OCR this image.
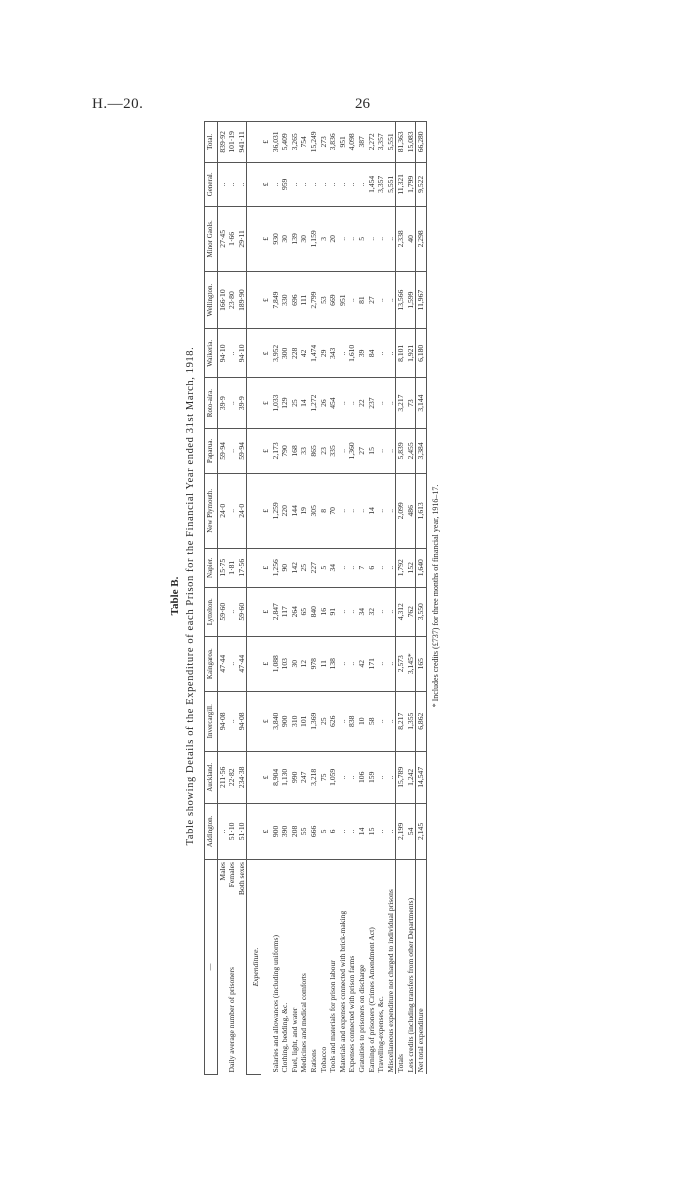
H.—20.	26
Table B. Table showing Details of the Expenditure of each Prison for the Financial Year ended 31st March, 1918.
—	Addington.	Auckland.	Invercargill.	Kaingaroa.	Lyttelton.	Napier.	New Plymouth.	Paparua.	Roto-aira.	Waikeria.	Wellington.	Minor Gaols.	General.	Total.

Males	..	211·56	94·08	47·44	59·60	15·75	24·0	59·94	39·9	94·10	166·10	27·45	..	839·92

Daily average number of prisoners
Females	51·10	22·82	..	..	..	1·81	..	..	..	..	23·80	1·66	..	101·19

Both sexes	51·10	234·38	94·08	47·44	59·60	17·56	24·0	59·94	39·9	94·10	189·90	29·11	..	941·11
Expenditure.														
	£	£	£	£	£	£	£	£	£	£	£	£	£	£
Salaries and allowances (including uniforms)	900	8,904	3,840	1,088	2,847	1,256	1,259	2,173	1,033	3,952	7,849	930	..	36,031
Clothing, bedding, &c.	390	1,130	900	103	117	90	220	790	129	300	330	30	959	5,409
Fuel, light, and water	208	990	310	30	264	142	144	168	25	228	696	139	..	3,265
Medicines and medical comforts	55	247	101	12	65	25	19	33	14	42	111	30	..	754
Rations	666	3,218	1,369	978	840	227	305	865	1,272	1,474	2,799	1,159	..	15,249
Tobacco	5	75	25	11	16	5	8	23	26	29	53	3	..	273
Tools and materials for prison labour	6	1,059	626	138	91	34	70	335	454	343	669	20	..	3,836
Materials and expenses connected with brick-making	..	..	..	..	..	..	..	..	..	..	951	..	..	951
Expenses connected with prison farms	..	..	838	..	..	..	..	1,360	..	1,610	..	..	..	4,098
Gratuities to prisoners on discharge	14	106	10	42	34	7	..	27	22	39	81	5	..	387
Earnings of prisoners (Crimes Amendment Act)	15	159	58	171	32	6	14	15	237	84	27	..	1,454	2,272
Travelling-expenses, &c.	..	..	..	..	..	..	..	..	..	..	..	..	3,357	3,357
Miscellaneous expenditure not charged to individual prisons	..	..	..	..	..	..	..	..	..	..	..	..	5,551	5,551
Totals	2,199	15,789	8,217	2,573	4,312	1,792	2,099	5,839	3,217	8,101	13,566	2,338	11,321	81,363
Less credits (including transfers from other Departments)	54	1,242	1,355	3,145*	762	152	486	2,455	73	1,921	1,599	40	1,799	15,083
Net total expenditure	2,145	14,547	6,862	165	3,550	1,640	1,613	3,384	3,144	6,180	11,967	2,298	9,522	66,280
* Includes credits (£737) for three months of financial year, 1916–17.
